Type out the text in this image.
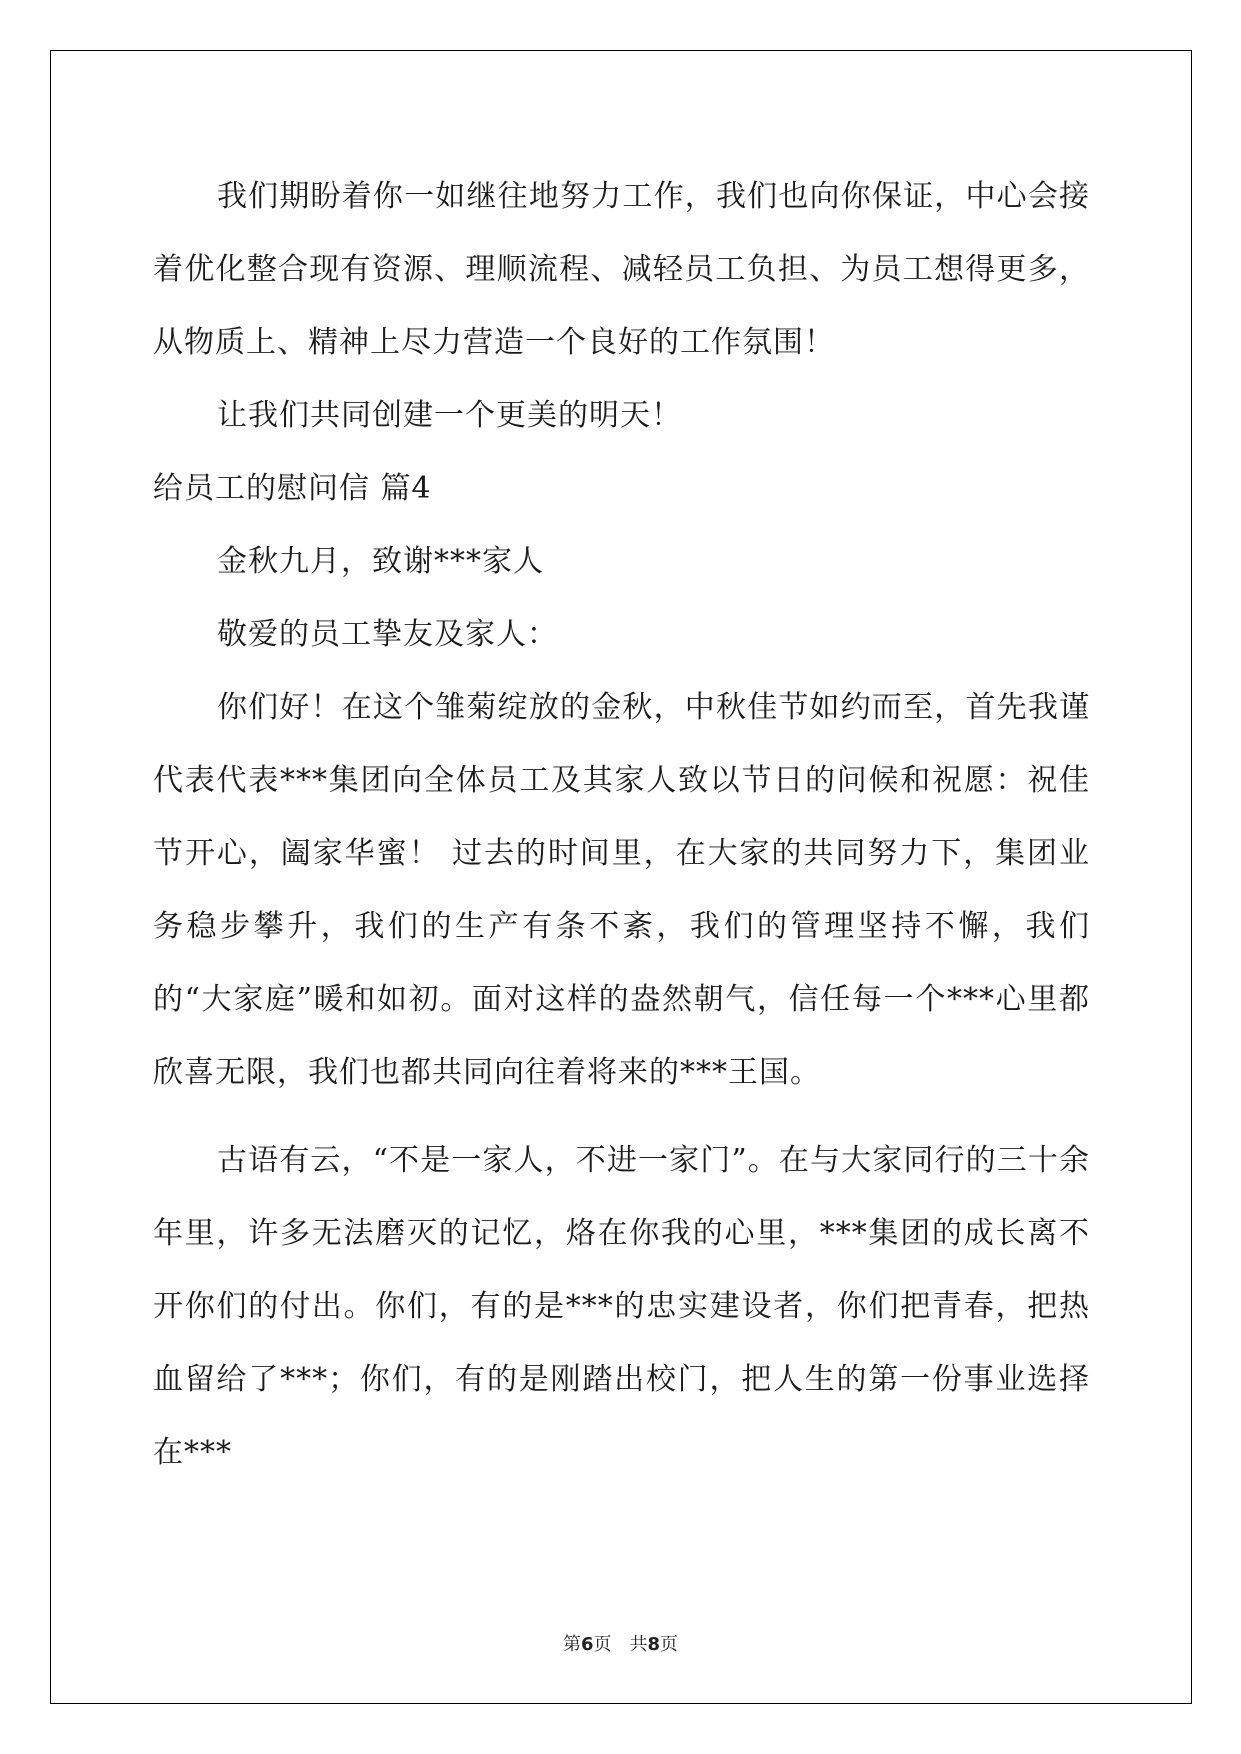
我们期盼着你一如继往地努力工作，我们也向你保证，中心会接着优化整合现有资源、理顺流程、减轻员工负担、为员工想得更多，从物质上、精神上尽力营造一个良好的工作氛围！

让我们共同创建一个更美的明天！

给员工的慰问信 篇4

金秋九月，致谢***家人

敬爱的员工挚友及家人：

你们好！在这个雏菊绽放的金秋，中秋佳节如约而至，首先我谨代表代表***集团向全体员工及其家人致以节日的问候和祝愿：祝佳节开心，阖家华蜜！ 过去的时间里，在大家的共同努力下，集团业务稳步攀升，我们的生产有条不紊，我们的管理坚持不懈，我们的“大家庭”暖和如初。面对这样的盎然朝气，信任每一个***心里都欣喜无限，我们也都共同向往着将来的***王国。

古语有云，“不是一家人，不进一家门”。在与大家同行的三十余年里，许多无法磨灭的记忆，烙在你我的心里，***集团的成长离不开你们的付出。你们，有的是***的忠实建设者，你们把青春，把热血留给了***；你们，有的是刚踏出校门，把人生的第一份事业选择在***

第6页　共8页
